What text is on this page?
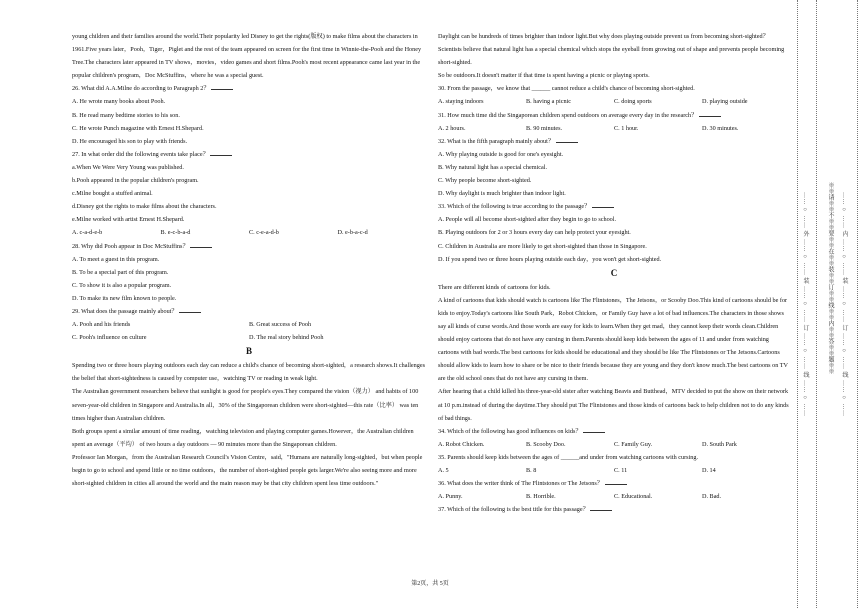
young children and their families around the world.Their popularity led Disney to get the rights(版权) to make films about the characters in 1961.Five years later，Pooh，Tiger，Piglet and the rest of the team appeared on screen for the first time in Winnie-the-Pooh and the Honey Tree.The characters later appeared in TV shows，movies，video games and short films.Pooh's most recent appearance came last year in the popular children's program，Doc McStuffins，where he was a special guest.

26. What did A.A.Milne do according to Paragraph 2？

A. He wrote many books about Pooh.

B. He read many bedtime stories to his son.

C. He wrote Punch magazine with Ernest H.Shepard.

D. He encouraged his son to play with friends.

27. In what order did the following events take place？

a.When We Were Very Young was published.

b.Pooh appeared in the popular children's program.

c.Milne bought a stuffed animal.

d.Disney got the rights to make films about the characters.

e.Milne worked with artist Ernest H.Shepard.

A. c-a-d-e-b	B. e-c-b-a-d	C. c-e-a-d-b	D. e-b-a-c-d

28. Why did Pooh appear in Doc McStuffins？

A. To meet a guest in this program.

B. To be a special part of this program.

C. To show it is also a popular program.

D. To make its new film known to people.

29. What does the passage mainly about？

A. Pooh and his friends	B. Great success of Pooh
C. Pooh's influence on culture	D. The real story behind Pooh
B

Spending two or three hours playing outdoors each day can reduce a child's chance of becoming short-sighted，a research shows.It challenges the belief that short-sightedness is caused by computer use，watching TV or reading in weak light.

The Australian government researchers believe that sunlight is good for people's eyes.They compared the vision（视力） and habits of 100 seven-year-old children in Singapore and Australia.In all，30% of the Singaporean children were short-sighted—this rate（比率） was ten times higher than Australian children.

Both groups spent a similar amount of time reading，watching television and playing computer games.However，the Australian children spent an average（平均） of two hours a day outdoors — 90 minutes more than the Singaporean children.

Professor Ian Morgan，from the Australian Research Council's Vision Centre，said，"Humans are naturally long-sighted，but when people begin to go to school and spend little or no time outdoors，the number of short-sighted people gets larger.We're also seeing more and more short-sighted children in cities all around the world and the main reason may be that city children spent less time outdoors."

Daylight can be hundreds of times brighter than indoor light.But why does playing outside prevent us from becoming short-sighted？Scientists believe that natural light has a special chemical which stops the eyeball from growing out of shape and prevents people becoming short-sighted.

So be outdoors.It doesn't matter if that time is spent having a picnic or playing sports.

30. From the passage，we know that ______ cannot reduce a child's chance of becoming short-sighted.

A. staying indoors	B. having a picnic	C. doing sports	D. playing outside

31. How much time did the Singaporean children spend outdoors on average every day in the research？

A. 2 hours.	B. 90 minutes.	C. 1 hour.	D. 30 minutes.

32. What is the fifth paragraph mainly about？

A. Why playing outside is good for one's eyesight.

B. Why natural light has a special chemical.

C. Why people become short-sighted.

D. Why daylight is much brighter than indoor light.

33. Which of the following is true according to the passage？

A. People will all become short-sighted after they begin to go to school.

B. Playing outdoors for 2 or 3 hours every day can help protect your eyesight.

C. Children in Australia are more likely to get short-sighted than those in Singapore.

D. If you spend two or three hours playing outside each day，you won't get short-sighted.

C

There are different kinds of cartoons for kids.

A kind of cartoons that kids should watch is cartoons like The Flintstones，The Jetsons，or Scooby Doo.This kind of cartoons should be for kids to enjoy.Today's cartoons like South Park，Robot Chicken，or Family Guy have a lot of bad influences.The characters in those shows say all kinds of curse words.And those words are easy for kids to learn.When they get mad，they cannot keep their words clean.Children should enjoy cartoons that do not have any cursing in them.Parents should keep kids between the ages of 11 and under from watching cartoons with bad words.The best cartoons for kids should be educational and they should be like The Flintstones or The Jetsons.Cartoons should allow kids to learn how to share or be nice to their friends because they are young and they don't know much.The best cartoons on TV are the old school ones that do not have any cursing in them.

After hearing that a child killed his three-year-old sister after watching Beavis and Butthead，MTV decided to put the show on their network at 10 p.m.instead of during the daytime.They should put The Flintstones and those kinds of cartoons back to help children not to do any kinds of bad things.

34. Which of the following has good influences on kids？

A. Robot Chicken.	B. Scooby Doo.	C. Family Guy.	D. South Park

35. Parents should keep kids between the ages of ______and under from watching cartoons with cursing.

A. 5	B. 8	C. 11	D. 14

36. What does the writer think of The Flintstones or The Jetsons？

A. Punny.	B. Horrible.	C. Educational.	D. Bad.

37. Which of the following is the best title for this passage？

第2页，共 5页
…… ○ …… 外 …… ○ …… 装 …… ○ …… 订 …… ○ …… 线 …… ○ ……	…… ○ …… 内 …… ○ …… 装 …… ○ …… 订 …… ○ …… 线 …… ○ ……
※※请※※不※※要※※在※※装※※订※※线※※内※※答※※题※※
